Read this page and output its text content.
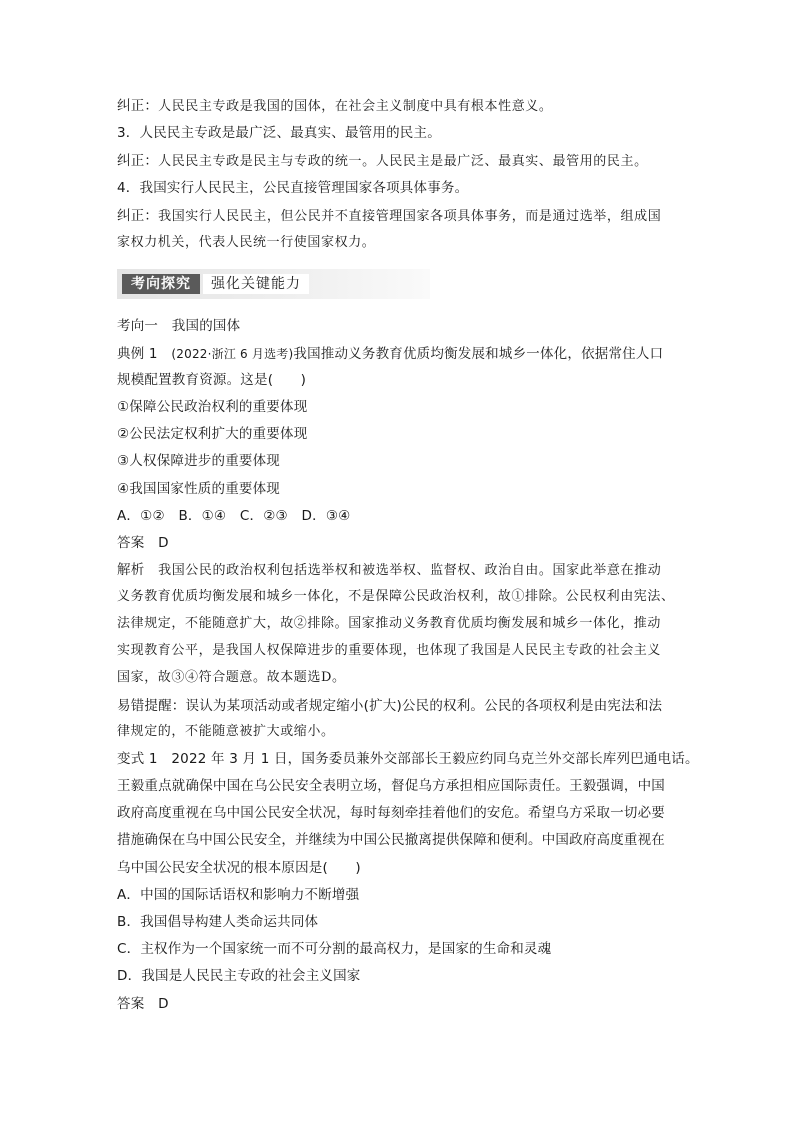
纠正：人民民主专政是我国的国体，在社会主义制度中具有根本性意义。
3．人民民主专政是最广泛、最真实、最管用的民主。
纠正：人民民主专政是民主与专政的统一。人民民主是最广泛、最真实、最管用的民主。
4．我国实行人民民主，公民直接管理国家各项具体事务。
纠正：我国实行人民民主，但公民并不直接管理国家各项具体事务，而是通过选举，组成国
家权力机关，代表人民统一行使国家权力。
考向探究	强化关键能力
考向一　我国的国体
典例 1　(2022·浙江 6 月选考)我国推动义务教育优质均衡发展和城乡一体化，依据常住人口
规模配置教育资源。这是(　　)
①保障公民政治权利的重要体现
②公民法定权利扩大的重要体现
③人权保障进步的重要体现
④我国国家性质的重要体现
A．①②　B．①④　C．②③　D．③④
答案　D
解析　我国公民的政治权利包括选举权和被选举权、监督权、政治自由。国家此举意在推动
义务教育优质均衡发展和城乡一体化，不是保障公民政治权利，故①排除。公民权利由宪法、
法律规定，不能随意扩大，故②排除。国家推动义务教育优质均衡发展和城乡一体化，推动
实现教育公平，是我国人权保障进步的重要体现，也体现了我国是人民民主专政的社会主义
国家，故③④符合题意。故本题选D。
易错提醒：误认为某项活动或者规定缩小(扩大)公民的权利。公民的各项权利是由宪法和法
律规定的，不能随意被扩大或缩小。
变式 1　2022 年 3 月 1 日，国务委员兼外交部部长王毅应约同乌克兰外交部长库列巴通电话。
王毅重点就确保中国在乌公民安全表明立场，督促乌方承担相应国际责任。王毅强调，中国
政府高度重视在乌中国公民安全状况，每时每刻牵挂着他们的安危。希望乌方采取一切必要
措施确保在乌中国公民安全，并继续为中国公民撤离提供保障和便利。中国政府高度重视在
乌中国公民安全状况的根本原因是(　　)
A．中国的国际话语权和影响力不断增强
B．我国倡导构建人类命运共同体
C．主权作为一个国家统一而不可分割的最高权力，是国家的生命和灵魂
D．我国是人民民主专政的社会主义国家
答案　D
